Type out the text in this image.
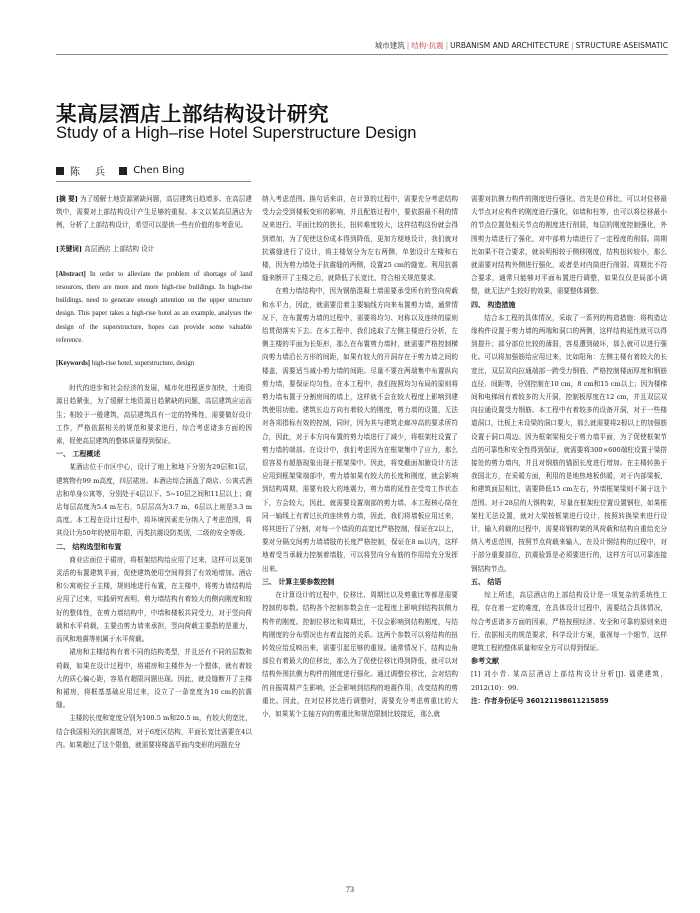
城市建筑 | 结构·抗震 | URBANISM AND ARCHITECTURE | STRUCTURE·ASEISMATIC
某高层酒店上部结构设计研究
Study of a High–rise Hotel Superstructure Design
陈 兵 Chen Bing

[摘 要] 为了缓解土地资源紧缺问题，高层建筑日趋增多。在高层建筑中，需要对上部结构设计产生足够的重视。本文以某高层酒店为例，分析了上部结构设计，希望可以提供一些有价值的参考意见。

[关键词] 高层酒店 上部结构 设计

[Abstract] In order to alleviate the problem of shortage of land resources, there are more and more high-rise buildings. In high-rise buildings, need to generate enough attention on the upper structure design. This paper takes a high-rise hotel as an example, analyses the design of the superstructure, hopes can provide some valuable reference.

[Keywords] high-rise hotel, superstructure, design

时代的进步和社会经济的发展，城市化进程逐步加快，土地资源日趋紧张，为了缓解土地资源日趋紧缺的问题，高层建筑应运而生；相较于一般建筑，高层建筑具有一定的特殊性，需要做好设计工作，严格依据相关的规范和要求进行，综合考虑诸多方面的因素，促使高层建筑的整体质量得到保证。

一、 工程概述

某酒店位于市区中心，设计了地上和地下分别为29层和1层，建筑物有99 m高度，四层裙房。本酒店综合涵盖了商店、公寓式酒店和单身公寓等，分别处于4层以下、5~10层之间和11层以上；商店每层高度为5.4 m左右，5层层高为3.7 m，6层以上则是3.3 m高度。本工程在设计过程中，将环境因素充分纳入了考虑范围，将其设计为50年的使用年限，丙类抗震设防类别，二级的安全等级。

二、 结构选型和布置

商业店面位于裙房，将框架结构给应用了过来，这样可以更加灵活的布置建筑平面，促使建筑使用空间得到了有效地增加。酒店和公寓则位于主楼，规则地进行布置，在主楼中，将剪力墙结构给应用了过来，实践研究表明，剪力墙结构有着较大的侧向刚度和较好的整体性，在剪力墙结构中，中墙和楼板共同受力，对于竖向荷载和水平荷载，主要由剪力墙来承担，竖向荷载主要指的是重力，而风和地震等则属于水平荷载。

裙房和主楼结构有着不同的结构类型，并且还有不同的层数和荷载，如果在设计过程中，将裙房和主楼作为一个整体，就有着较大的质心偏心距，容易有超限问题出现。因此，就设缝断开了主楼和裙房，将框基基础应用过来，设立了一条宽度为10 cm的抗震缝。

主楼的长度和宽度分别为100.5 m和20.5 m，有较大的宽比，结合我国相关的抗震规范，对于6度区结构，平面长宽比需要在4以内。如果超过了这个限值，就需要将楼盖平面内变形的问题充分

纳入考虑范围。换句话来讲，在计算的过程中，需要充分考虑结构受力会受到楼板变形的影响，并且配筋过程中，要依据最不利的情况来进行。平面比较的狭长，扭转难度较大，这样结构这份就会得到增加，为了促使这份成本得到降低，更加方便地设计，我们就对抗震缝进行了设计，将主楼划分为左右两侧，单独设计左楼和右楼，因为剪力墙处于抗震缝的两侧，设置25 cm的缝宽。利用抗震缝来断开了主楼之后，就降低了长宽比，符合相关规范要求。

在剪力墙结构中，因为钢筋混凝土墙需要承受所有的竖向荷载和水平力，因此，就需要沿着主要轴线方向来布置剪力墙，通常情况下，在布置剪力墙的过程中，需要将均匀、对称以及连续的原则给贯彻落实下去。在本工程中，我们选取了左侧主楼进行分析，左侧主楼的平面为长矩形，那么在布置剪力墙时，就需要严格控制横向剪力墙沿长方形的间距，如果有较大的开洞存在于剪力墙之间的楼盖，需要适当减小剪力墙的间距。尽量不要在两端集中布置纵向剪力墙，要保证均匀性。在本工程中，我们按照均匀布局的原则将剪力墙布置于分割房间的墙上，这样就不会在较大程度上影响到建筑使用功能。建筑长边方向有着较大的刚度，剪力墙的设置，无法对各项指标有效的控制，同时，因为其与建筑走廊冲高的要求所符合，因此，对于本方向布置的剪力墙进行了减少，将框架柱设置了剪力墙的端部。在设计中，我们考虑因为在框架集中了应力，那么很容易有超筋现象出现于框架梁中。因此，将变截面加腋设计方法应用到框架梁端部中，剪力墙如果有较大的长度和刚度，就会影响到结构周期，需要有较大的地震力，剪力墙的延性在受弯工作状态下，方会较大，因此，就需要设置端部的剪力墙。本工程核心筒在同一轴线上有着过长的连续剪力墙，因此，我们将墙板应用过来，将其进行了分割，对每一个墙段的高宽比严格控制，保证在2以上，要对分隔交间剪力墙墙肢的长度严格控制，保证在8 m以内，这样地着受当承载力控制着墙肢，可以将竖向分布筋的作用给充分发挥出来。

三、 计算主要参数控制

在计算设计的过程中，位移比、周期比以及剪重比等都是需要控制的参数。结构各个控制参数会在一定程度上影响到结构抗侧力构件的刚度。控制位移比和周期比，不仅会影响到结构刚度，与结构刚度的分布情况也有着直接的关系。这两个参数可以将结构的扭转效应给反映出来，需要引起足够的重视。通常情况下，结构边角部位有着最大的位移比，那么为了促使位移比得到降低，就可以对结构外围抗侧力构件的刚度进行强化。通过调整位移比，会对结构的自振周期产生影响，还会影响到结构的地震作用，改变结构的剪重比。因此，在对位移比进行调整时，需要充分考虑剪重比的大小，如果某个主轴方向的剪重比和规范限制比较接近，那么就

需要对抗侧力构件的刚度进行强化。首先是位移比，可以对位移最大节点对应构件的刚度进行强化，如墙和柱等，也可以将位移最小的节点位置处相关节点的刚度进行削弱，每层的刚度控制强化，外围剪力墙进行了强化，对中部剪力墙进行了一定程度的削弱。周期比如果不符合要求，就说明相较于侧移刚度，结构扭转较小，那么就需要对结构外侧进行强化，或者是对内筒进行削弱。周期比不符合要求，通常只能够对平面布置进行调整，如果仅仅是局部小调整，就无法产生较好的效果，需要整体调整。

四、 构造措施

结合本工程的具体情况，采取了一系列的构造措施：将构造边缘构件设置于剪力墙的两端和洞口的两侧，这样结构延性就可以得到提升；部分部位比较的薄弱，容易遭到破坏，那么就可以进行强化。可以将加强筋给应用过来，比如阳角：左侧主楼有着较大的长宽比，双层双向拉通端部一跨受力钢筋，严格控制楼面厚度和钢筋直径、间距等，分别控制在10 cm，8 cm和15 cm以上；因为楼梯间和电梯间有着较多的大开洞，控制板厚度在12 cm，并且双层双向拉通设置受力钢筋。本工程中有着较多的设备开洞，对于一些楼道洞口，比板上未设梁的洞口要大，那么就需要将2根以上的加强筋设置于洞口周边。因为框架梁相交于剪力墙平面，为了促使框架节点的可靠性和安全性得到保证，就需要将300×600端柱设置于梁搭接处的剪力墙内，并且对钢筋的锚固长度进行增加。在主楼转换于我国北方，在采暖方面，利用的是地热地板供暖，对于内部梁板，和建筑面层相比，需要降低15 cm左右，外墙框架梁则不属于这个范围。对于28层的大钢构架，尽量在框架柱位置设置钢柱，如果框架柱无法设置，就对大梁按框架进行设计，按照转换梁来进行设计，输入荷载的过程中，需要将钢构架的风荷载和结构自重给充分纳入考虑范围，按照节点荷载来输入，在设计钢结构的过程中，对于部分重要部位，抗震验算是必须要进行的，这样方可以可靠连接钢结构节点。

五、 结语

综上所述，高层酒店的上部结构设计是一项复杂的系统性工程，存在着一定的难度，在具体设计过程中，需要结合具体情况，综合考虑诸多方面的因素，严格按照经济、安全和可靠的原则来进行，依据相关的规范要求，科学设计方案，重视每一个细节，这样建筑工程的整体质量和安全方可以得到保证。

参考文献

[1] 刘小青. 某高层酒店上部结构设计分析[J]. 福建建筑，2012(10)：99.

注：作者身份证号 360121198611215859

73
